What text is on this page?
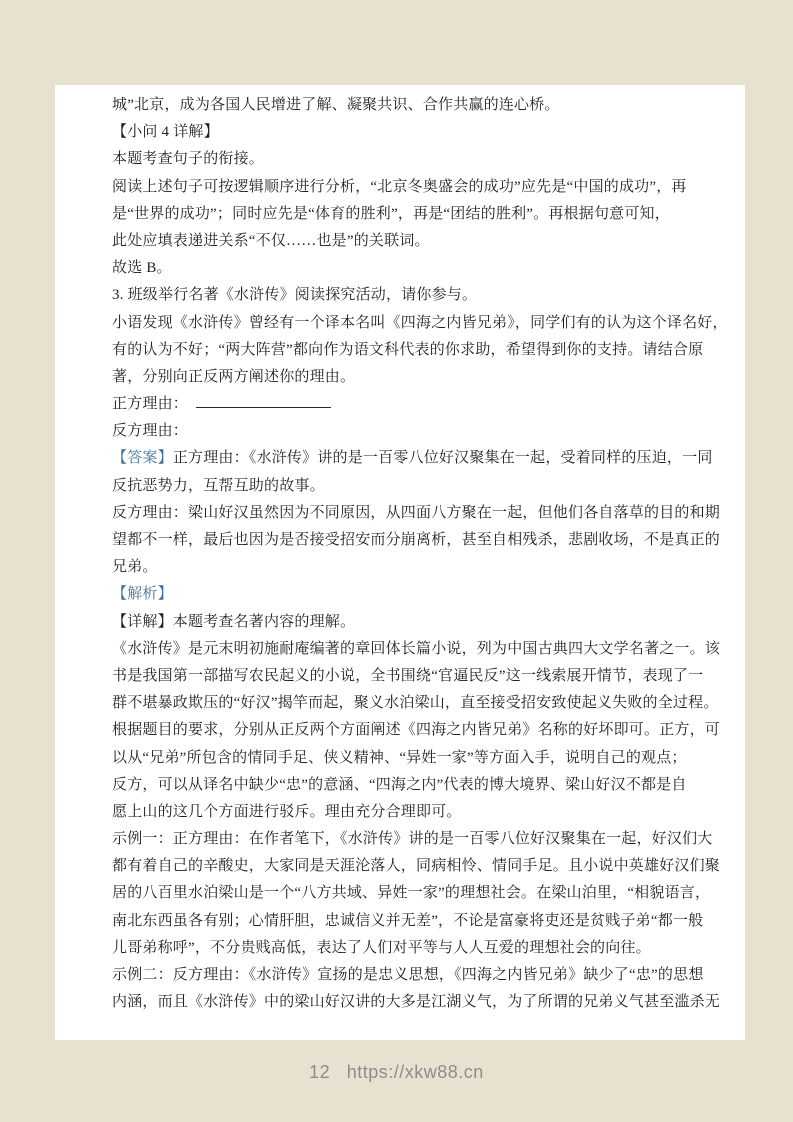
城”北京，成为各国人民增进了解、凝聚共识、合作共赢的连心桥。
【小问 4 详解】
本题考查句子的衔接。
阅读上述句子可按逻辑顺序进行分析，“北京冬奥盛会的成功”应先是“中国的成功”，再
是“世界的成功”；同时应先是“体育的胜利”，再是“团结的胜利”。再根据句意可知，
此处应填表递进关系“不仅……也是”的关联词。
故选 B。
3. 班级举行名著《水浒传》阅读探究活动，请你参与。
小语发现《水浒传》曾经有一个译本名叫《四海之内皆兄弟》，同学们有的认为这个译名好，
有的认为不好；“两大阵营”都向作为语文科代表的你求助，希望得到你的支持。请结合原
著，分别向正反两方阐述你的理由。
正方理由：
反方理由：
【答案】正方理由：《水浒传》讲的是一百零八位好汉聚集在一起，受着同样的压迫，一同
反抗恶势力，互帮互助的故事。
反方理由：梁山好汉虽然因为不同原因，从四面八方聚在一起，但他们各自落草的目的和期
望都不一样，最后也因为是否接受招安而分崩离析，甚至自相残杀，悲剧收场，不是真正的
兄弟。
【解析】
【详解】本题考查名著内容的理解。
《水浒传》是元末明初施耐庵编著的章回体长篇小说，列为中国古典四大文学名著之一。该
书是我国第一部描写农民起义的小说，全书围绕“官逼民反”这一线索展开情节，表现了一
群不堪暴政欺压的“好汉”揭竿而起，聚义水泊梁山，直至接受招安致使起义失败的全过程。
根据题目的要求，分别从正反两个方面阐述《四海之内皆兄弟》名称的好坏即可。正方，可
以从“兄弟”所包含的情同手足、侠义精神、“异姓一家”等方面入手，说明自己的观点；
反方，可以从译名中缺少“忠”的意涵、“四海之内”代表的博大境界、梁山好汉不都是自
愿上山的这几个方面进行驳斥。理由充分合理即可。
示例一：正方理由：在作者笔下，《水浒传》讲的是一百零八位好汉聚集在一起，好汉们大
都有着自己的辛酸史，大家同是天涯沦落人，同病相怜、情同手足。且小说中英雄好汉们聚
居的八百里水泊梁山是一个“八方共域、异姓一家”的理想社会。在梁山泊里，“相貌语言，
南北东西虽各有别；心情肝胆，忠诚信义并无差”，不论是富豪将吏还是贫贱子弟“都一般
儿哥弟称呼”，不分贵贱高低，表达了人们对平等与人人互爱的理想社会的向往。
示例二：反方理由：《水浒传》宣扬的是忠义思想，《四海之内皆兄弟》缺少了“忠”的思想
内涵，而且《水浒传》中的梁山好汉讲的大多是江湖义气，为了所谓的兄弟义气甚至滥杀无
12 https://xkw88.cn
